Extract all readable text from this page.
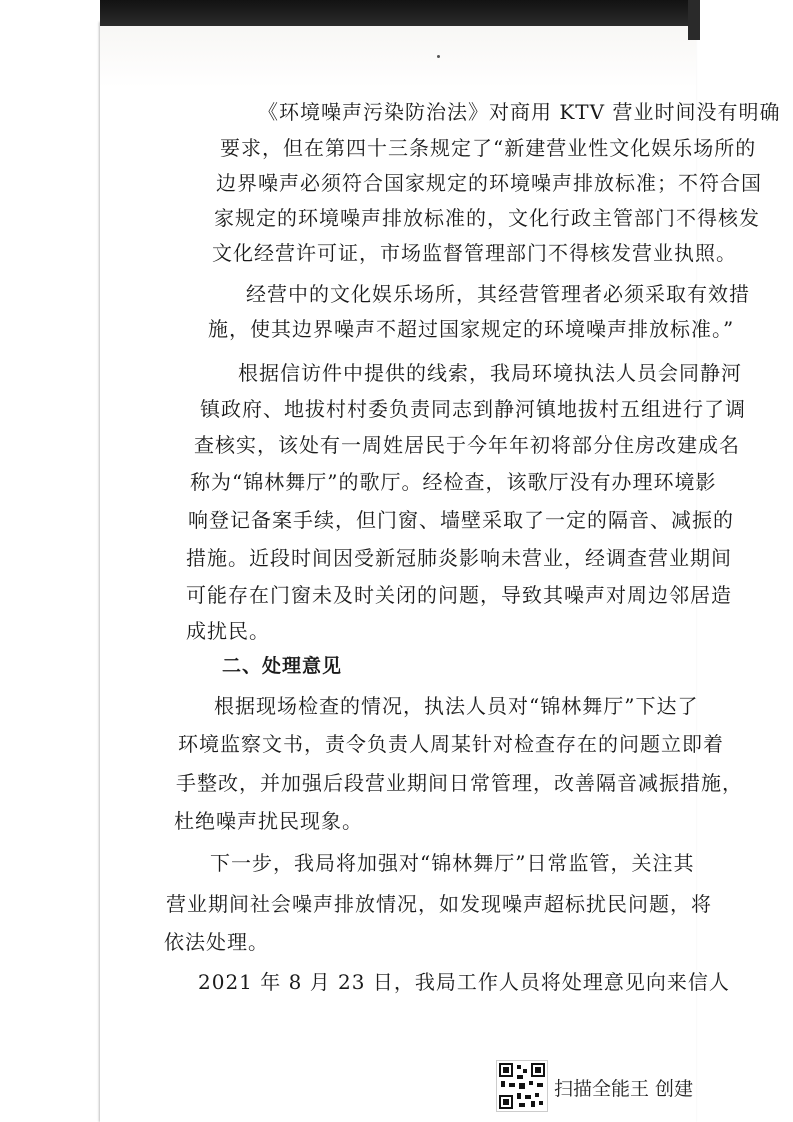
《环境噪声污染防治法》对商用 KTV 营业时间没有明确
要求，但在第四十三条规定了“新建营业性文化娱乐场所的
边界噪声必须符合国家规定的环境噪声排放标准；不符合国
家规定的环境噪声排放标准的，文化行政主管部门不得核发
文化经营许可证，市场监督管理部门不得核发营业执照。
经营中的文化娱乐场所，其经营管理者必须采取有效措
施，使其边界噪声不超过国家规定的环境噪声排放标准。”
根据信访件中提供的线索，我局环境执法人员会同静河
镇政府、地拔村村委负责同志到静河镇地拔村五组进行了调
查核实，该处有一周姓居民于今年年初将部分住房改建成名
称为“锦林舞厅”的歌厅。经检查，该歌厅没有办理环境影
响登记备案手续，但门窗、墙壁采取了一定的隔音、减振的
措施。近段时间因受新冠肺炎影响未营业，经调查营业期间
可能存在门窗未及时关闭的问题，导致其噪声对周边邻居造
成扰民。
二、处理意见
根据现场检查的情况，执法人员对“锦林舞厅”下达了
环境监察文书，责令负责人周某针对检查存在的问题立即着
手整改，并加强后段营业期间日常管理，改善隔音减振措施，
杜绝噪声扰民现象。
下一步，我局将加强对“锦林舞厅”日常监管，关注其
营业期间社会噪声排放情况，如发现噪声超标扰民问题，将
依法处理。
2021 年 8 月 23 日，我局工作人员将处理意见向来信人
扫描全能王 创建
